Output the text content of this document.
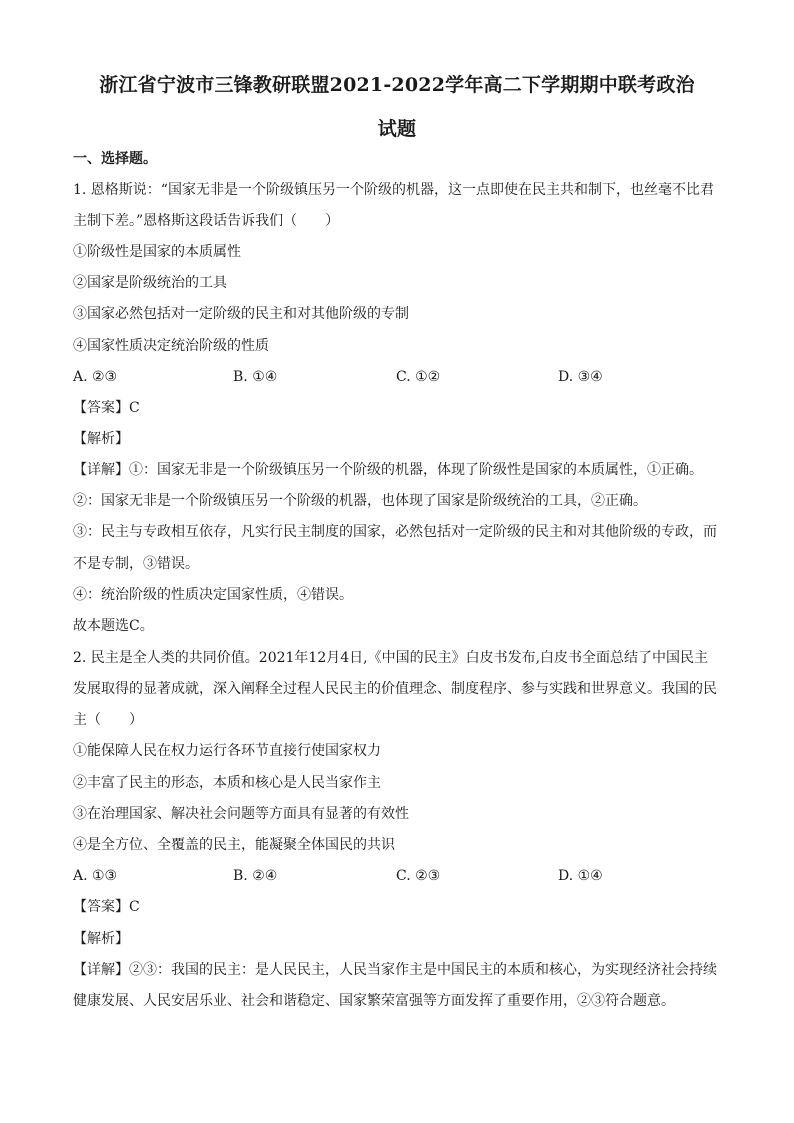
浙江省宁波市三锋教研联盟2021-2022学年高二下学期期中联考政治
试题
一、选择题。
1. 恩格斯说：“国家无非是一个阶级镇压另一个阶级的机器，这一点即使在民主共和制下，也丝毫不比君
主制下差。”恩格斯这段话告诉我们（　　）
①阶级性是国家的本质属性
②国家是阶级统治的工具
③国家必然包括对一定阶级的民主和对其他阶级的专制
④国家性质决定统治阶级的性质
A. ②③	B. ①④	C. ①②	D. ③④
【答案】C
【解析】
【详解】①：国家无非是一个阶级镇压另一个阶级的机器，体现了阶级性是国家的本质属性，①正确。
②：国家无非是一个阶级镇压另一个阶级的机器，也体现了国家是阶级统治的工具，②正确。
③：民主与专政相互依存，凡实行民主制度的国家，必然包括对一定阶级的民主和对其他阶级的专政，而
不是专制，③错误。
④：统治阶级的性质决定国家性质，④错误。
故本题选C。
2. 民主是全人类的共同价值。2021年12月4日,《中国的民主》白皮书发布,白皮书全面总结了中国民主
发展取得的显著成就，深入阐释全过程人民民主的价值理念、制度程序、参与实践和世界意义。我国的民
主（　　）
①能保障人民在权力运行各环节直接行使国家权力
②丰富了民主的形态，本质和核心是人民当家作主
③在治理国家、解决社会问题等方面具有显著的有效性
④是全方位、全覆盖的民主，能凝聚全体国民的共识
A. ①③	B. ②④	C. ②③	D. ①④
【答案】C
【解析】
【详解】②③：我国的民主：是人民民主，人民当家作主是中国民主的本质和核心，为实现经济社会持续
健康发展、人民安居乐业、社会和谐稳定、国家繁荣富强等方面发挥了重要作用，②③符合题意。
